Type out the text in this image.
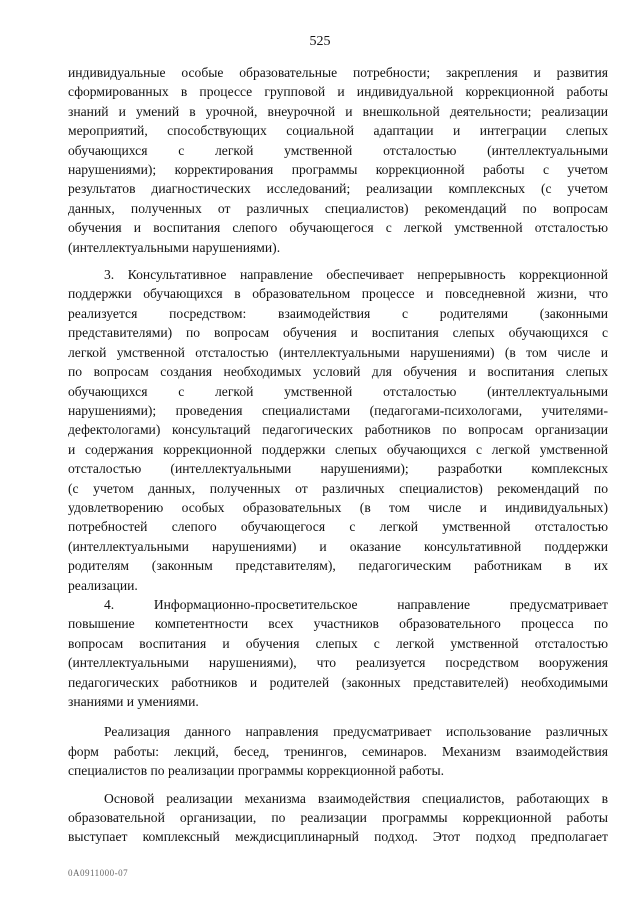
525

индивидуальные особые образовательные потребности; закрепления и развития
сформированных в процессе групповой и индивидуальной коррекционной работы
знаний и умений в урочной, внеурочной и внешкольной деятельности; реализации
мероприятий, способствующих социальной адаптации и интеграции слепых
обучающихся с легкой умственной отсталостью (интеллектуальными
нарушениями); корректирования программы коррекционной работы с учетом
результатов диагностических исследований; реализации комплексных (с учетом
данных, полученных от различных специалистов) рекомендаций по вопросам
обучения и воспитания слепого обучающегося с легкой умственной отсталостью
(интеллектуальными нарушениями).

3. Консультативное направление обеспечивает непрерывность коррекционной
поддержки обучающихся в образовательном процессе и повседневной жизни, что
реализуется посредством: взаимодействия с родителями (законными
представителями) по вопросам обучения и воспитания слепых обучающихся с
легкой умственной отсталостью (интеллектуальными нарушениями) (в том числе и
по вопросам создания необходимых условий для обучения и воспитания слепых
обучающихся с легкой умственной отсталостью (интеллектуальными
нарушениями); проведения специалистами (педагогами-психологами, учителями-
дефектологами) консультаций педагогических работников по вопросам организации
и содержания коррекционной поддержки слепых обучающихся с легкой умственной
отсталостью (интеллектуальными нарушениями); разработки комплексных
(с учетом данных, полученных от различных специалистов) рекомендаций по
удовлетворению особых образовательных (в том числе и индивидуальных)
потребностей слепого обучающегося с легкой умственной отсталостью
(интеллектуальными нарушениями) и оказание консультативной поддержки
родителям (законным представителям), педагогическим работникам в их
реализации.

4. Информационно-просветительское направление предусматривает
повышение компетентности всех участников образовательного процесса по
вопросам воспитания и обучения слепых с легкой умственной отсталостью
(интеллектуальными нарушениями), что реализуется посредством вооружения
педагогических работников и родителей (законных представителей) необходимыми
знаниями и умениями.

Реализация данного направления предусматривает использование различных
форм работы: лекций, бесед, тренингов, семинаров. Механизм взаимодействия
специалистов по реализации программы коррекционной работы.

Основой реализации механизма взаимодействия специалистов, работающих в
образовательной организации, по реализации программы коррекционной работы
выступает комплексный междисциплинарный подход. Этот подход предполагает

0A0911000-07
